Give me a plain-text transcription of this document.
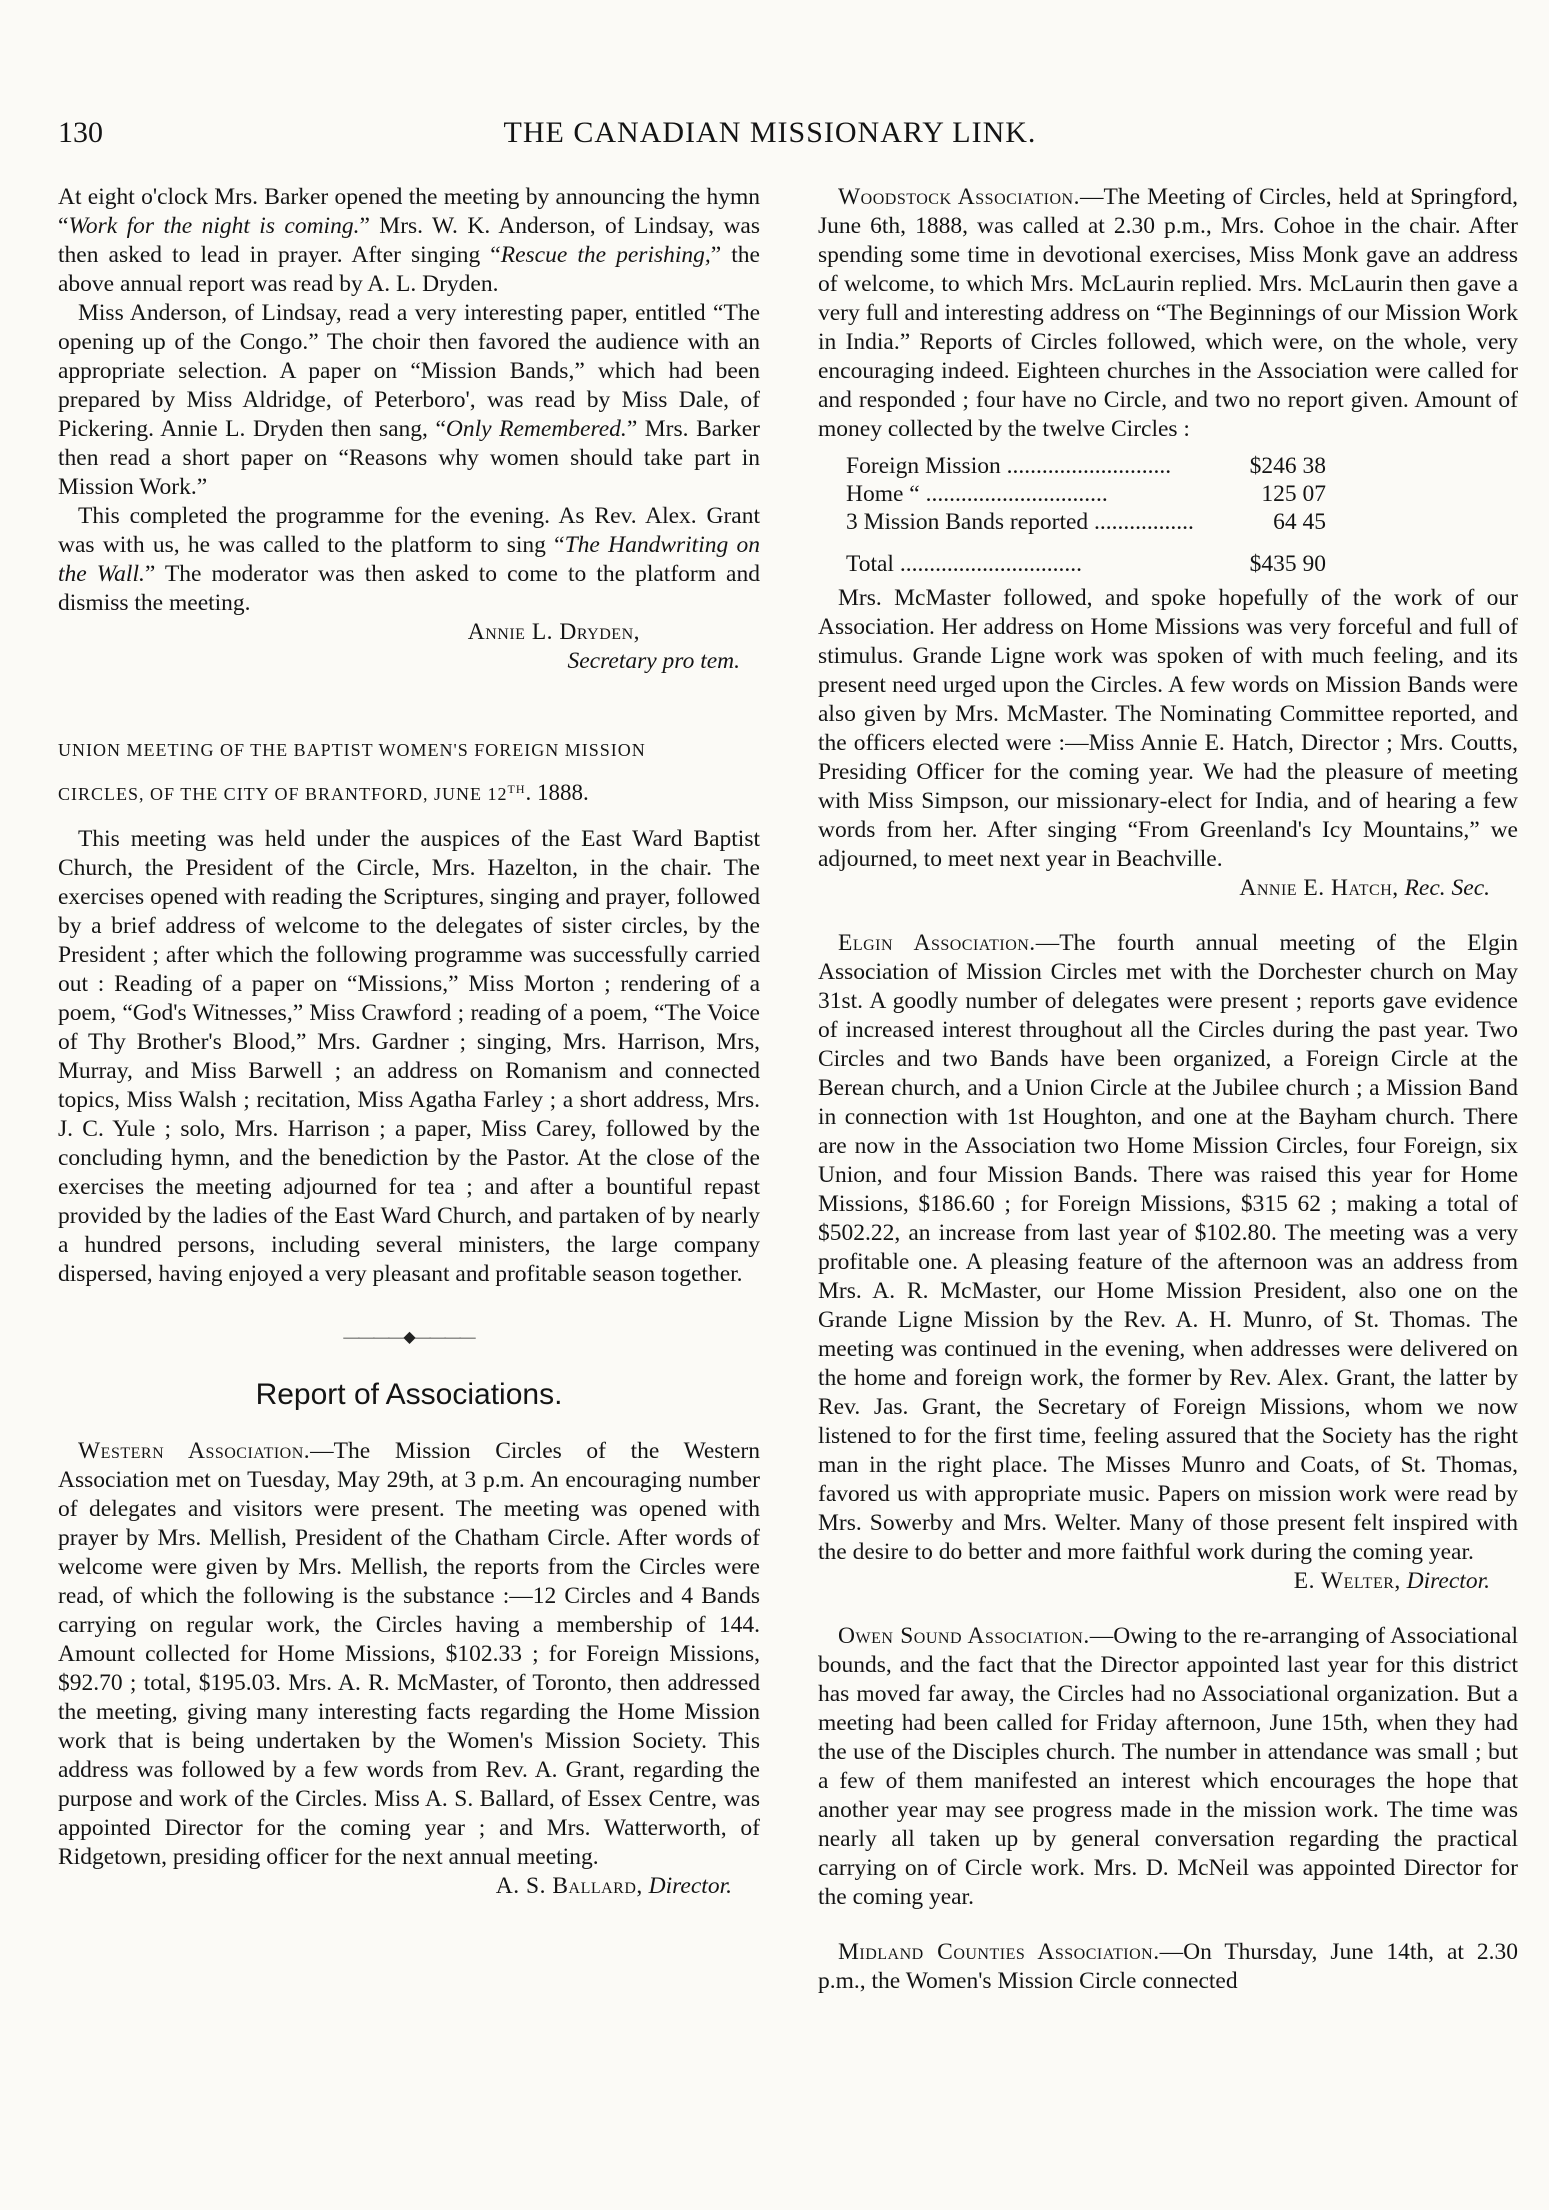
130	THE CANADIAN MISSIONARY LINK.

At eight o'clock Mrs. Barker opened the meeting by announcing the hymn “Work for the night is coming.” Mrs. W. K. Anderson, of Lindsay, was then asked to lead in prayer. After singing “Rescue the perishing,” the above annual report was read by A. L. Dryden.

Miss Anderson, of Lindsay, read a very interesting paper, entitled “The opening up of the Congo.” The choir then favored the audience with an appropriate selection. A paper on “Mission Bands,” which had been prepared by Miss Aldridge, of Peterboro', was read by Miss Dale, of Pickering. Annie L. Dryden then sang, “Only Remembered.” Mrs. Barker then read a short paper on “Reasons why women should take part in Mission Work.”

This completed the programme for the evening. As Rev. Alex. Grant was with us, he was called to the platform to sing “The Handwriting on the Wall.” The moderator was then asked to come to the platform and dismiss the meeting.

Annie L. Dryden,

Secretary pro tem.

UNION MEETING OF THE BAPTIST WOMEN'S FOREIGN MISSION
CIRCLES, OF THE CITY OF BRANTFORD, JUNE 12TH. 1888.

This meeting was held under the auspices of the East Ward Baptist Church, the President of the Circle, Mrs. Hazelton, in the chair. The exercises opened with reading the Scriptures, singing and prayer, followed by a brief address of welcome to the delegates of sister circles, by the President ; after which the following programme was successfully carried out : Reading of a paper on “Missions,” Miss Morton ; rendering of a poem, “God's Witnesses,” Miss Crawford ; reading of a poem, “The Voice of Thy Brother's Blood,” Mrs. Gardner ; singing, Mrs. Harrison, Mrs, Murray, and Miss Barwell ; an address on Romanism and connected topics, Miss Walsh ; recitation, Miss Agatha Farley ; a short address, Mrs. J. C. Yule ; solo, Mrs. Harrison ; a paper, Miss Carey, followed by the concluding hymn, and the benediction by the Pastor. At the close of the exercises the meeting adjourned for tea ; and after a bountiful repast provided by the ladies of the East Ward Church, and partaken of by nearly a hundred persons, including several ministers, the large company dispersed, having enjoyed a very pleasant and profitable season together.

————◆————
Report of Associations.

Western Association.—The Mission Circles of the Western Association met on Tuesday, May 29th, at 3 p.m. An encouraging number of delegates and visitors were present. The meeting was opened with prayer by Mrs. Mellish, President of the Chatham Circle. After words of welcome were given by Mrs. Mellish, the reports from the Circles were read, of which the following is the substance :—12 Circles and 4 Bands carrying on regular work, the Circles having a membership of 144. Amount collected for Home Missions, $102.33 ; for Foreign Missions, $92.70 ; total, $195.03. Mrs. A. R. McMaster, of Toronto, then addressed the meeting, giving many interesting facts regarding the Home Mission work that is being undertaken by the Women's Mission Society. This address was followed by a few words from Rev. A. Grant, regarding the purpose and work of the Circles. Miss A. S. Ballard, of Essex Centre, was appointed Director for the coming year ; and Mrs. Watterworth, of Ridgetown, presiding officer for the next annual meeting.

A. S. Ballard, Director.

Woodstock Association.—The Meeting of Circles, held at Springford, June 6th, 1888, was called at 2.30 p.m., Mrs. Cohoe in the chair. After spending some time in devotional exercises, Miss Monk gave an address of welcome, to which Mrs. McLaurin replied. Mrs. McLaurin then gave a very full and interesting address on “The Beginnings of our Mission Work in India.” Reports of Circles followed, which were, on the whole, very encouraging indeed. Eighteen churches in the Association were called for and responded ; four have no Circle, and two no report given. Amount of money collected by the twelve Circles :

Foreign Mission ............................	$246 38
Home “ ...............................	125 07
3 Mission Bands reported .................	64 45
Total ...............................	$435 90

Mrs. McMaster followed, and spoke hopefully of the work of our Association. Her address on Home Missions was very forceful and full of stimulus. Grande Ligne work was spoken of with much feeling, and its present need urged upon the Circles. A few words on Mission Bands were also given by Mrs. McMaster. The Nominating Committee reported, and the officers elected were :—Miss Annie E. Hatch, Director ; Mrs. Coutts, Presiding Officer for the coming year. We had the pleasure of meeting with Miss Simpson, our missionary-elect for India, and of hearing a few words from her. After singing “From Greenland's Icy Mountains,” we adjourned, to meet next year in Beachville.

Annie E. Hatch, Rec. Sec.

Elgin Association.—The fourth annual meeting of the Elgin Association of Mission Circles met with the Dorchester church on May 31st. A goodly number of delegates were present ; reports gave evidence of increased interest throughout all the Circles during the past year. Two Circles and two Bands have been organized, a Foreign Circle at the Berean church, and a Union Circle at the Jubilee church ; a Mission Band in connection with 1st Houghton, and one at the Bayham church. There are now in the Association two Home Mission Circles, four Foreign, six Union, and four Mission Bands. There was raised this year for Home Missions, $186.60 ; for Foreign Missions, $315 62 ; making a total of $502.22, an increase from last year of $102.80. The meeting was a very profitable one. A pleasing feature of the afternoon was an address from Mrs. A. R. McMaster, our Home Mission President, also one on the Grande Ligne Mission by the Rev. A. H. Munro, of St. Thomas. The meeting was continued in the evening, when addresses were delivered on the home and foreign work, the former by Rev. Alex. Grant, the latter by Rev. Jas. Grant, the Secretary of Foreign Missions, whom we now listened to for the first time, feeling assured that the Society has the right man in the right place. The Misses Munro and Coats, of St. Thomas, favored us with appropriate music. Papers on mission work were read by Mrs. Sowerby and Mrs. Welter. Many of those present felt inspired with the desire to do better and more faithful work during the coming year.

E. Welter, Director.

Owen Sound Association.—Owing to the re-arranging of Associational bounds, and the fact that the Director appointed last year for this district has moved far away, the Circles had no Associational organization. But a meeting had been called for Friday afternoon, June 15th, when they had the use of the Disciples church. The number in attendance was small ; but a few of them manifested an interest which encourages the hope that another year may see progress made in the mission work. The time was nearly all taken up by general conversation regarding the practical carrying on of Circle work. Mrs. D. McNeil was appointed Director for the coming year.

Midland Counties Association.—On Thursday, June 14th, at 2.30 p.m., the Women's Mission Circle connected
